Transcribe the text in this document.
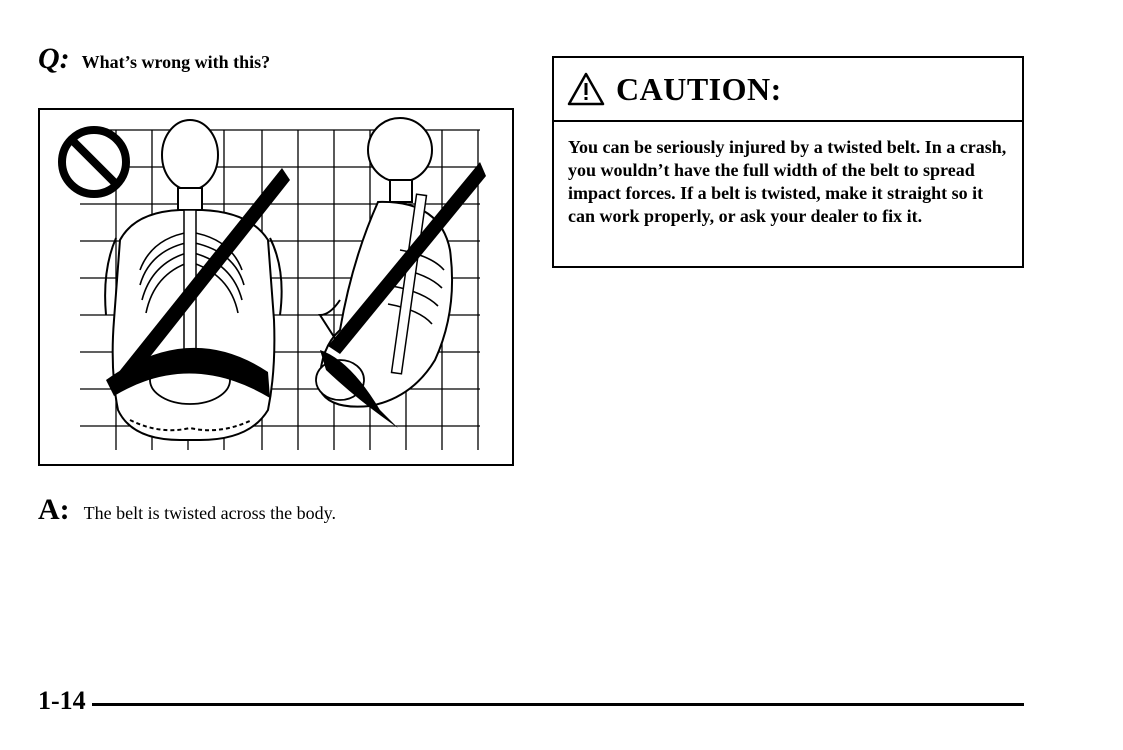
Q: What’s wrong with this?
A: The belt is twisted across the body.
CAUTION:
You can be seriously injured by a twisted belt. In a crash, you wouldn’t have the full width of the belt to spread impact forces. If a belt is twisted, make it straight so it can work properly, or ask your dealer to fix it.
1-14
